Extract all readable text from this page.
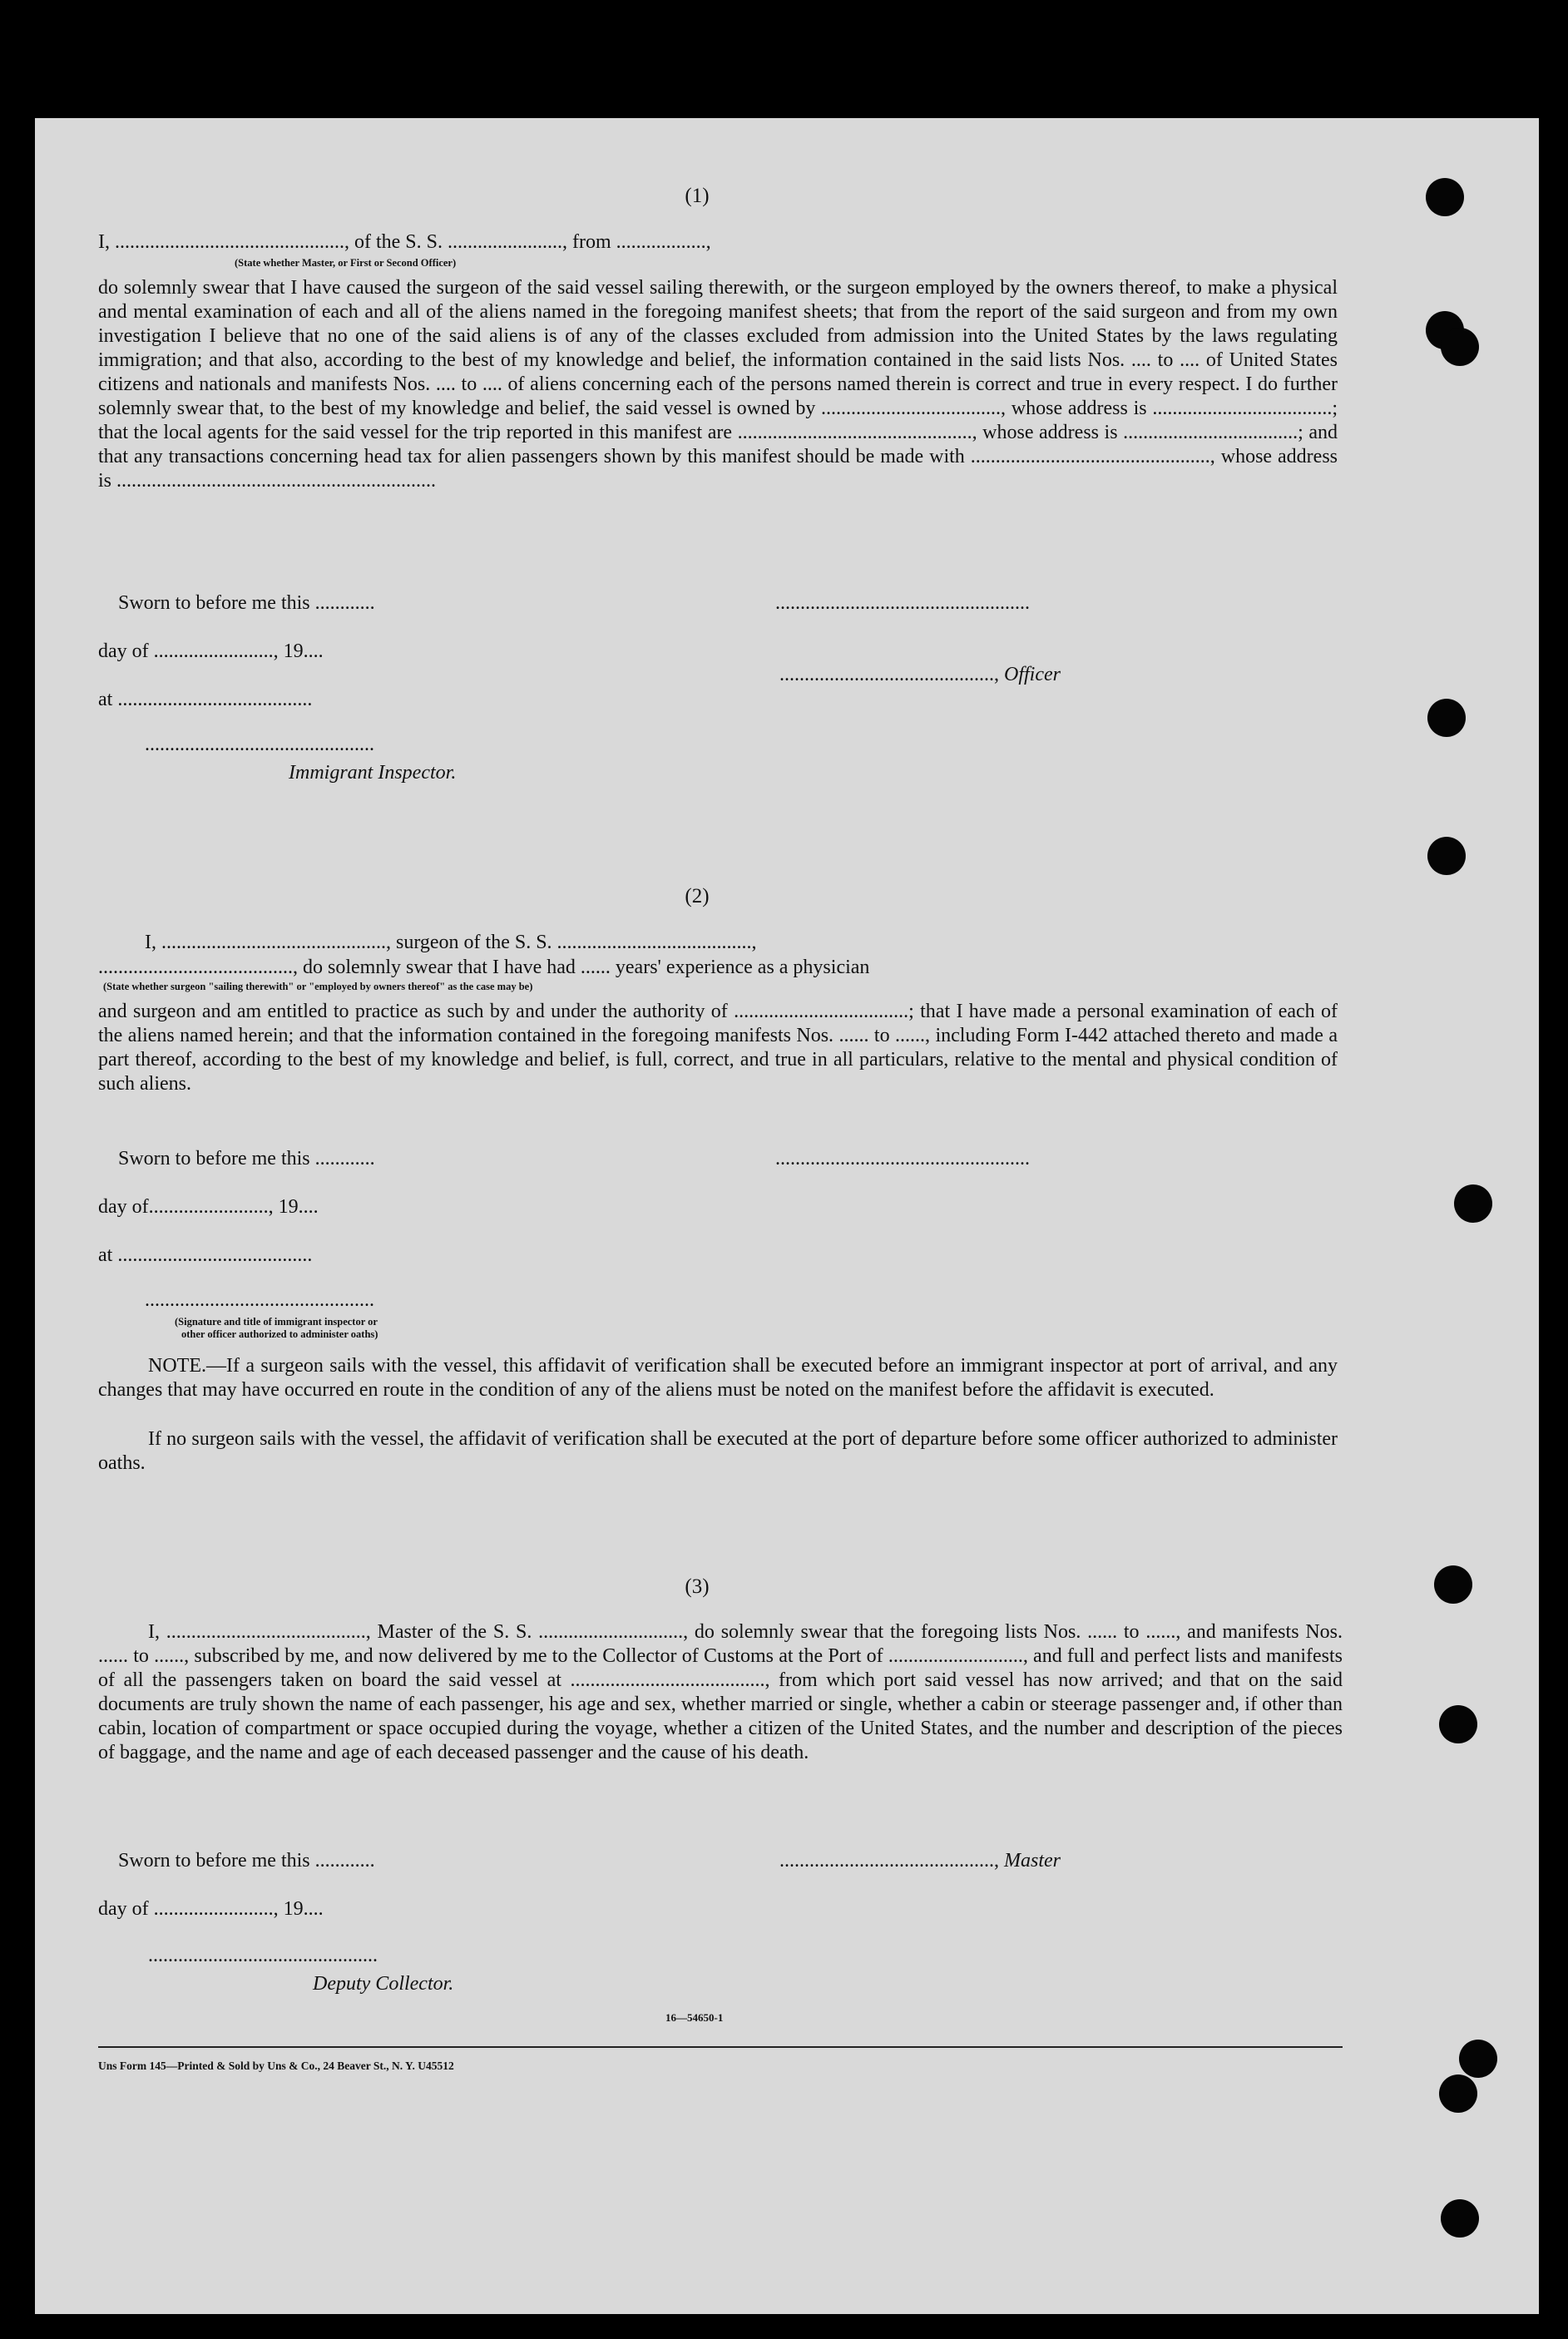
(1)
I, .............................................., of the S. S. ......................., from ..................,
(State whether Master, or First or Second Officer)
do solemnly swear that I have caused the surgeon of the said vessel sailing therewith, or the surgeon employed by the owners thereof, to make a physical and mental examination of each and all of the aliens named in the foregoing manifest sheets; that from the report of the said surgeon and from my own investigation I believe that no one of the said aliens is of any of the classes excluded from admission into the United States by the laws regulating immigration; and that also, according to the best of my knowledge and belief, the information contained in the said lists Nos. .... to .... of United States citizens and nationals and manifests Nos. .... to .... of aliens concerning each of the persons named therein is correct and true in every respect. I do further solemnly swear that, to the best of my knowledge and belief, the said vessel is owned by ...................................., whose address is ....................................; that the local agents for the said vessel for the trip reported in this manifest are ..............................................., whose address is ...................................; and that any transactions concerning head tax for alien passengers shown by this manifest should be made with ................................................, whose address is ................................................................
Sworn to before me this ............	...................................................
day of ........................, 19....
..........................................., Officer
at .......................................
..............................................
Immigrant Inspector.
(2)
I, ............................................., surgeon of the S. S. .......................................,
......................................., do solemnly swear that I have had ...... years' experience as a physician
(State whether surgeon "sailing therewith" or "employed by owners thereof" as the case may be)
and surgeon and am entitled to practice as such by and under the authority of ...................................; that I have made a personal examination of each of the aliens named herein; and that the information contained in the foregoing manifests Nos. ...... to ......, including Form I-442 attached thereto and made a part thereof, according to the best of my knowledge and belief, is full, correct, and true in all particulars, relative to the mental and physical condition of such aliens.
Sworn to before me this ............	...................................................
day of........................, 19....
at .......................................
..............................................
(Signature and title of immigrant inspector or
other officer authorized to administer oaths)
NOTE.—If a surgeon sails with the vessel, this affidavit of verification shall be executed before an immigrant inspector at port of arrival, and any changes that may have occurred en route in the condition of any of the aliens must be noted on the manifest before the affidavit is executed.
If no surgeon sails with the vessel, the affidavit of verification shall be executed at the port of departure before some officer authorized to administer oaths.
(3)
I, ........................................, Master of the S. S. ............................., do solemnly swear that the foregoing lists Nos. ...... to ......, and manifests Nos. ...... to ......, subscribed by me, and now delivered by me to the Collector of Customs at the Port of ..........................., and full and perfect lists and manifests of all the passengers taken on board the said vessel at ......................................., from which port said vessel has now arrived; and that on the said documents are truly shown the name of each passenger, his age and sex, whether married or single, whether a cabin or steerage passenger and, if other than cabin, location of compartment or space occupied during the voyage, whether a citizen of the United States, and the number and description of the pieces of baggage, and the name and age of each deceased passenger and the cause of his death.
Sworn to before me this ............	..........................................., Master
day of ........................, 19....
..............................................
Deputy Collector.
16—54650-1
Uns Form 145—Printed & Sold by Uns & Co., 24 Beaver St., N. Y. U45512
